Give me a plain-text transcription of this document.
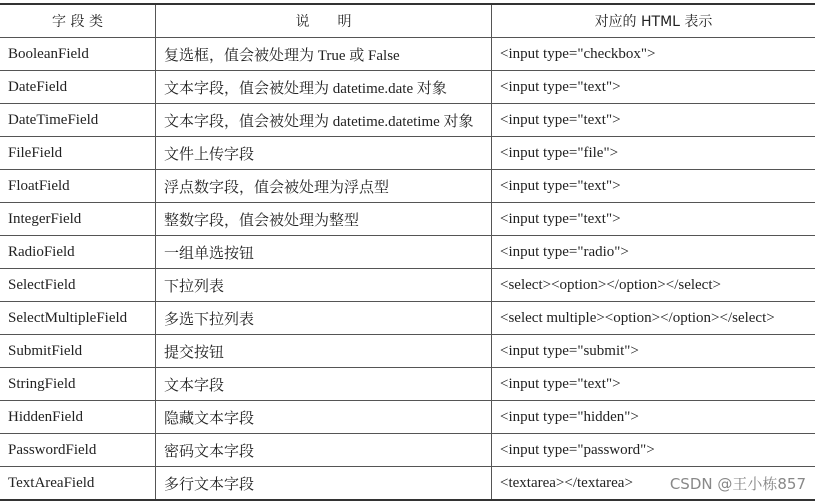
字 段 类	说　　明	对应的 HTML 表示
BooleanField	复选框，值会被处理为 True 或 False	<input type="checkbox">
DateField	文本字段，值会被处理为 datetime.date 对象	<input type="text">
DateTimeField	文本字段，值会被处理为 datetime.datetime 对象	<input type="text">
FileField	文件上传字段	<input type="file">
FloatField	浮点数字段，值会被处理为浮点型	<input type="text">
IntegerField	整数字段，值会被处理为整型	<input type="text">
RadioField	一组单选按钮	<input type="radio">
SelectField	下拉列表	<select><option></option></select>
SelectMultipleField	多选下拉列表	<select multiple><option></option></select>
SubmitField	提交按钮	<input type="submit">
StringField	文本字段	<input type="text">
HiddenField	隐藏文本字段	<input type="hidden">
PasswordField	密码文本字段	<input type="password">
TextAreaField	多行文本字段	<textarea></textarea> CSDN @王小栋857
